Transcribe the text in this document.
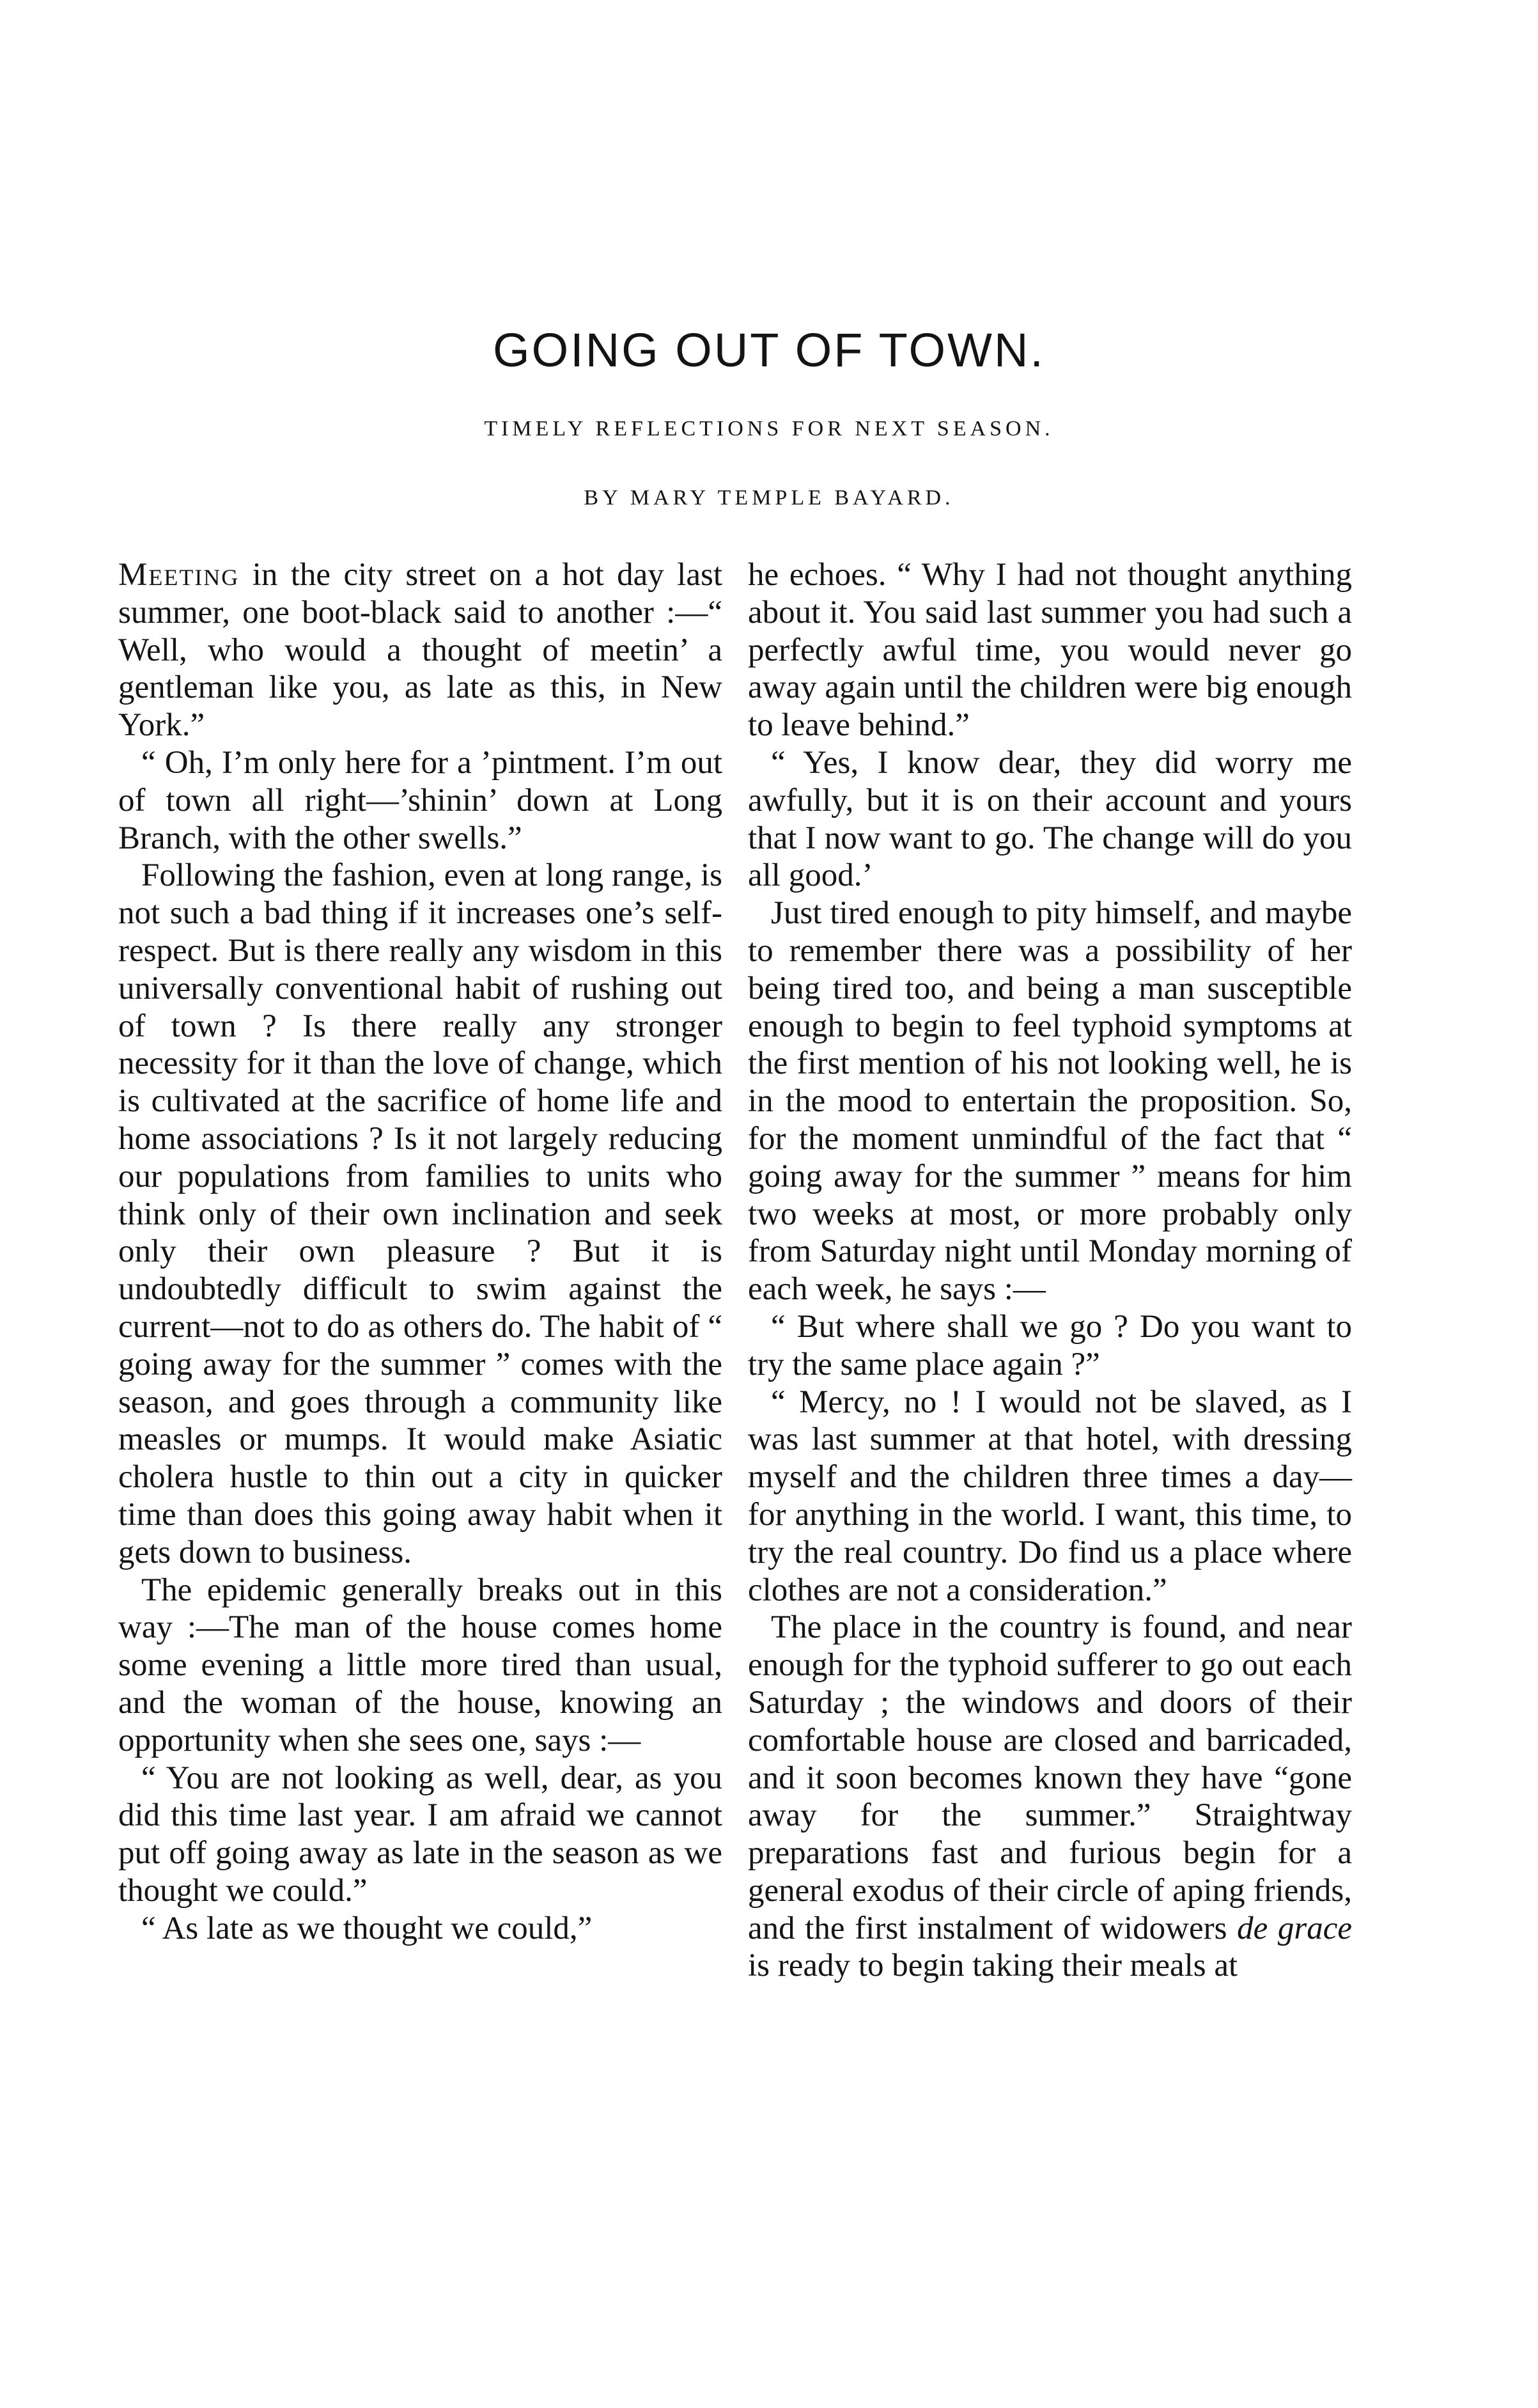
GOING OUT OF TOWN.
TIMELY REFLECTIONS FOR NEXT SEASON.
BY MARY TEMPLE BAYARD.

Meeting in the city street on a hot day last summer, one boot-black said to another :—“ Well, who would a thought of meetin’ a gentleman like you, as late as this, in New York.”

“ Oh, I’m only here for a ’pintment. I’m out of town all right—’shinin’ down at Long Branch, with the other swells.”

Following the fashion, even at long range, is not such a bad thing if it increases one’s self-respect. But is there really any wisdom in this universally conventional habit of rushing out of town ? Is there really any stronger necessity for it than the love of change, which is cultivated at the sacrifice of home life and home associations ? Is it not largely reducing our populations from families to units who think only of their own inclination and seek only their own pleasure ? But it is undoubtedly difficult to swim against the current—not to do as others do. The habit of “ going away for the summer ” comes with the season, and goes through a community like measles or mumps. It would make Asiatic cholera hustle to thin out a city in quicker time than does this going away habit when it gets down to business.

The epidemic generally breaks out in this way :—The man of the house comes home some evening a little more tired than usual, and the woman of the house, knowing an opportunity when she sees one, says :—

“ You are not looking as well, dear, as you did this time last year. I am afraid we cannot put off going away as late in the season as we thought we could.”

“ As late as we thought we could,”

he echoes. “ Why I had not thought anything about it. You said last summer you had such a perfectly awful time, you would never go away again until the children were big enough to leave behind.”

“ Yes, I know dear, they did worry me awfully, but it is on their account and yours that I now want to go. The change will do you all good.’

Just tired enough to pity himself, and maybe to remember there was a possibility of her being tired too, and being a man susceptible enough to begin to feel typhoid symptoms at the first mention of his not looking well, he is in the mood to entertain the proposition. So, for the moment unmindful of the fact that “ going away for the summer ” means for him two weeks at most, or more probably only from Saturday night until Monday morning of each week, he says :—

“ But where shall we go ? Do you want to try the same place again ?”

“ Mercy, no ! I would not be slaved, as I was last summer at that hotel, with dressing myself and the children three times a day—for anything in the world. I want, this time, to try the real country. Do find us a place where clothes are not a consideration.”

The place in the country is found, and near enough for the typhoid sufferer to go out each Saturday ; the windows and doors of their comfortable house are closed and barricaded, and it soon becomes known they have “gone away for the summer.” Straightway preparations fast and furious begin for a general exodus of their circle of aping friends, and the first instalment of widowers de grace is ready to begin taking their meals at
